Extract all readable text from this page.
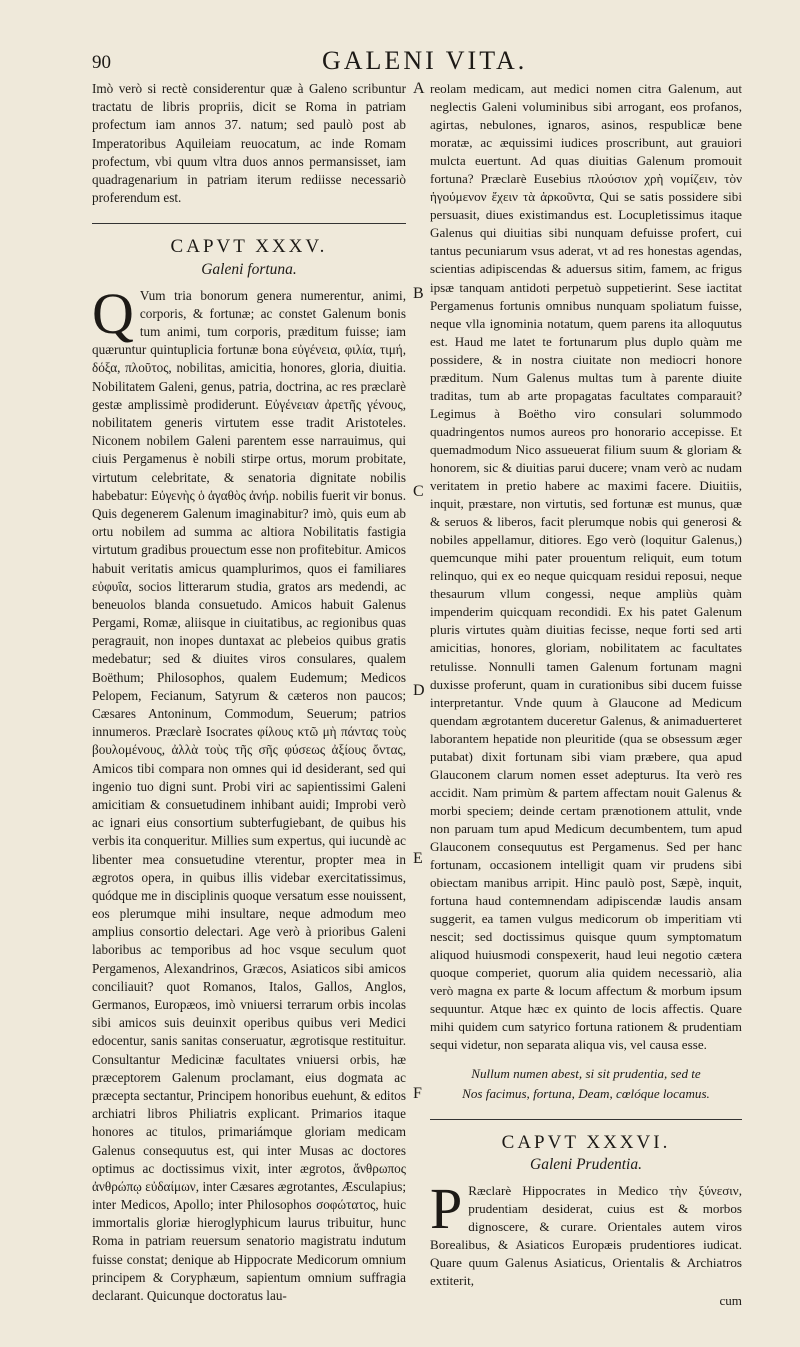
90	GALENI VITA.
A
B
C
D
E
F

Imò verò si rectè considerentur quæ à Galeno scribuntur tractatu de libris propriis, dicit se Roma in patriam profectum iam annos 37. natum; sed paulò post ab Imperatoribus Aquileiam reuocatum, ac inde Romam profectum, vbi quum vltra duos annos permansisset, iam quadragenarium in patriam iterum rediisse necessariò proferendum est.

CAPVT XXXV.
Galeni fortuna.

Q Vum tria bonorum genera numerentur, animi, corporis, & fortunæ; ac constet Galenum bonis tum animi, tum corporis, præditum fuisse; iam quæruntur quintuplicia fortunæ bona εὐγένεια, φιλία, τιμή, δόξα, πλοῦτος, nobilitas, amicitia, honores, gloria, diuitia. Nobilitatem Galeni, genus, patria, doctrina, ac res præclarè gestæ amplissimè prodiderunt. Εὐγένειαν ἀρετῆς γένους, nobilitatem generis virtutem esse tradit Aristoteles. Niconem nobilem Galeni parentem esse narrauimus, qui ciuis Pergamenus è nobili stirpe ortus, morum probitate, virtutum celebritate, & senatoria dignitate nobilis habebatur: Εὐγενὴς ὁ ἀγαθὸς ἀνήρ. nobilis fuerit vir bonus. Quis degenerem Galenum imaginabitur? imò, quis eum ab ortu nobilem ad summa ac altiora Nobilitatis fastigia virtutum gradibus prouectum esse non profitebitur. Amicos habuit veritatis amicus quamplurimos, quos ei familiares εὐφυΐα, socios litterarum studia, gratos ars medendi, ac beneuolos blanda consuetudo. Amicos habuit Galenus Pergami, Romæ, aliisque in ciuitatibus, ac regionibus quas peragrauit, non inopes duntaxat ac plebeios quibus gratis medebatur; sed & diuites viros consulares, qualem Boëthum; Philosophos, qualem Eudemum; Medicos Pelopem, Fecianum, Satyrum & cæteros non paucos; Cæsares Antoninum, Commodum, Seuerum; patrios innumeros. Præclarè Isocrates φίλους κτῶ μὴ πάντας τοὺς βουλομένους, ἀλλὰ τοὺς τῆς σῆς φύσεως ἀξίους ὄντας, Amicos tibi compara non omnes qui id desiderant, sed qui ingenio tuo digni sunt. Probi viri ac sapientissimi Galeni amicitiam & consuetudinem inhibant auidi; Improbi verò ac ignari eius consortium subterfugiebant, de quibus his verbis ita conqueritur. Millies sum expertus, qui iucundè ac libenter mea consuetudine vterentur, propter mea in ægrotos opera, in quibus illis videbar exercitatissimus, quódque me in disciplinis quoque versatum esse nouissent, eos plerumque mihi insultare, neque admodum meo amplius consortio delectari. Age verò à prioribus Galeni laboribus ac temporibus ad hoc vsque seculum quot Pergamenos, Alexandrinos, Græcos, Asiaticos sibi amicos conciliauit? quot Romanos, Italos, Gallos, Anglos, Germanos, Europæos, imò vniuersi terrarum orbis incolas sibi amicos suis deuinxit operibus quibus veri Medici edocentur, sanis sanitas conseruatur, ægrotisque restituitur. Consultantur Medicinæ facultates vniuersi orbis, hæ præceptorem Galenum proclamant, eius dogmata ac præcepta sectantur, Principem honoribus euehunt, & editos archiatri libros Philiatris explicant. Primarios itaque honores ac titulos, primariámque gloriam medicam Galenus consequutus est, qui inter Musas ac doctores optimus ac doctissimus vixit, inter ægrotos, ἄνθρωπος ἀνθρώπῳ εὐδαίμων, inter Cæsares ægrotantes, Æsculapius; inter Medicos, Apollo; inter Philosophos σοφώτατος, huic immortalis gloriæ hieroglyphicum laurus tribuitur, hunc Roma in patriam reuersum senatorio magistratu indutum fuisse constat; denique ab Hippocrate Medicorum omnium principem & Coryphæum, sapientum omnium suffragia declarant. Quicunque doctoratus lau-

reolam medicam, aut medici nomen citra Galenum, aut neglectis Galeni voluminibus sibi arrogant, eos profanos, agirtas, nebulones, ignaros, asinos, respublicæ bene moratæ, ac æquissimi iudices proscribunt, aut grauiori mulcta euertunt. Ad quas diuitias Galenum promouit fortuna? Præclarè Eusebius πλούσιον χρὴ νομίζειν, τὸν ἡγούμενον ἔχειν τὰ ἀρκοῦντα, Qui se satis possidere sibi persuasit, diues existimandus est. Locupletissimus itaque Galenus qui diuitias sibi nunquam defuisse profert, cui tantus pecuniarum vsus aderat, vt ad res honestas agendas, scientias adipiscendas & aduersus sitim, famem, ac frigus ipsæ tanquam antidoti perpetuò suppetierint. Sese iactitat Pergamenus fortunis omnibus nunquam spoliatum fuisse, neque vlla ignominia notatum, quem parens ita alloquutus est. Haud me latet te fortunarum plus duplo quàm me possidere, & in nostra ciuitate non mediocri honore præditum. Num Galenus multas tum à parente diuite traditas, tum ab arte propagatas facultates comparauit? Legimus à Boëtho viro consulari solummodo quadringentos numos aureos pro honorario accepisse. Et quemadmodum Nico assueuerat filium suum & gloriam & honorem, sic & diuitias parui ducere; vnam verò ac nudam veritatem in pretio habere ac maximi facere. Diuitiis, inquit, præstare, non virtutis, sed fortunæ est munus, quæ & seruos & liberos, facit plerumque nobis qui generosi & nobiles appellamur, ditiores. Ego verò (loquitur Galenus,) quemcunque mihi pater prouentum reliquit, eum totum relinquo, qui ex eo neque quicquam residui reposui, neque thesaurum vllum congessi, neque ampliùs quàm impenderim quicquam recondidi. Ex his patet Galenum pluris virtutes quàm diuitias fecisse, neque forti sed arti amicitias, honores, gloriam, nobilitatem ac facultates retulisse. Nonnulli tamen Galenum fortunam magni duxisse proferunt, quam in curationibus sibi ducem fuisse interpretantur. Vnde quum à Glaucone ad Medicum quendam ægrotantem duceretur Galenus, & animaduerteret laborantem hepatide non pleuritide (qua se obsessum æger putabat) dixit fortunam sibi viam præbere, qua apud Glauconem clarum nomen esset adepturus. Ita verò res accidit. Nam primùm & partem affectam nouit Galenus & morbi speciem; deinde certam prænotionem attulit, vnde non paruam tum apud Medicum decumbentem, tum apud Glauconem consequutus est Pergamenus. Sed per hanc fortunam, occasionem intelligit quam vir prudens sibi obiectam manibus arripit. Hinc paulò post, Sæpè, inquit, fortuna haud contemnendam adipiscendæ laudis ansam suggerit, ea tamen vulgus medicorum ob imperitiam vti nescit; sed doctissimus quisque quum symptomatum aliquod huiusmodi conspexerit, haud leui negotio cætera quoque comperiet, quorum alia quidem necessariò, alia verò magna ex parte & locum affectum & morbum ipsum sequuntur. Atque hæc ex quinto de locis affectis. Quare mihi quidem cum satyrico fortuna rationem & prudentiam sequi videtur, non separata aliqua vis, vel causa esse.

Nullum numen abest, si sit prudentia, sed te
Nos facimus, fortuna, Deam, cœlóque locamus.
CAPVT XXXVI.
Galeni Prudentia.

P Ræclarè Hippocrates in Medico τὴν ξύνεσιν, prudentiam desiderat, cuius est & morbos dignoscere, & curare. Orientales autem viros Borealibus, & Asiaticos Europæis prudentiores iudicat. Quare quum Galenus Asiaticus, Orientalis & Archiatros extiterit,

cum
